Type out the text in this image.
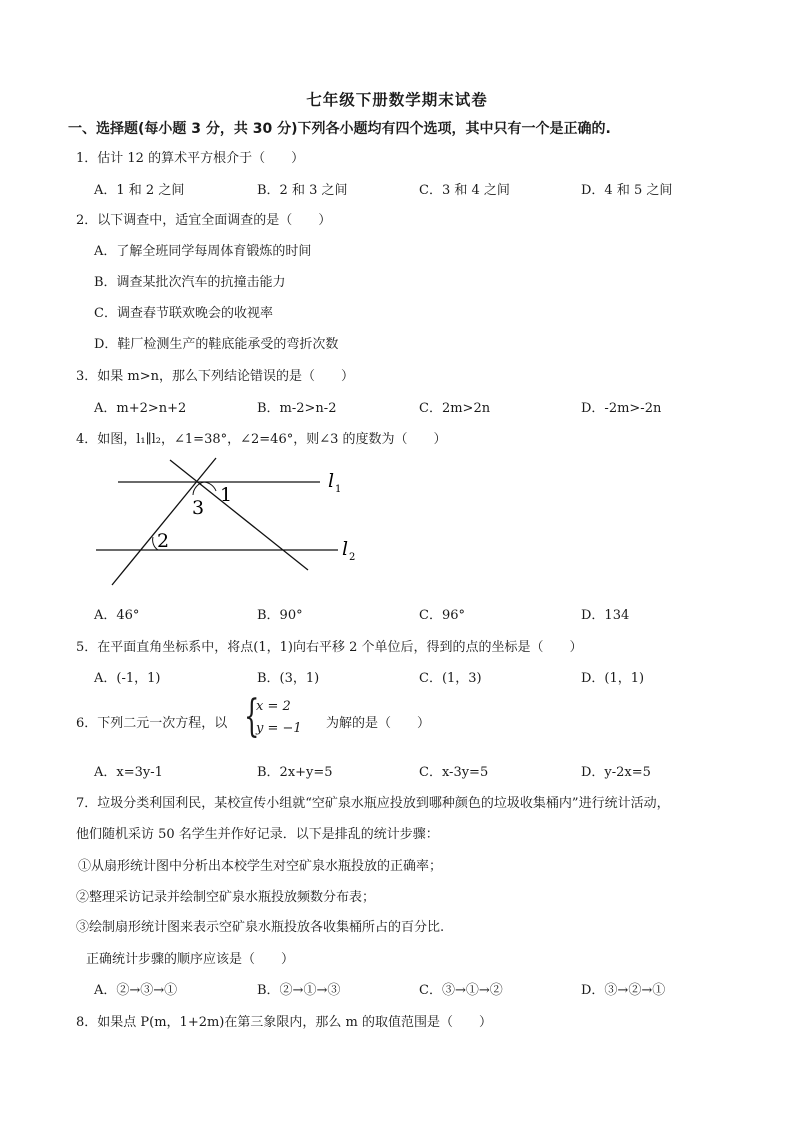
七年级下册数学期末试卷
一、选择题(每小题 3 分，共 30 分)下列各小题均有四个选项，其中只有一个是正确的.
1．估计 12 的算术平方根介于（　　）
A．1 和 2 之间	B．2 和 3 之间	C．3 和 4 之间	D．4 和 5 之间
2．以下调查中，适宜全面调查的是（　　）
A．了解全班同学每周体育锻炼的时间
B．调查某批次汽车的抗撞击能力
C．调查春节联欢晚会的收视率
D．鞋厂检测生产的鞋底能承受的弯折次数
3．如果 m>n，那么下列结论错误的是（　　）
A．m+2>n+2	B．m-2>n-2	C．2m>2n	D．-2m>-2n
4．如图，l₁∥l₂，∠1=38°，∠2=46°，则∠3 的度数为（　　）
1
3
2
l 1
l 2
A．46°	B．90°	C．96°	D．134
5．在平面直角坐标系中，将点(1，1)向右平移 2 个单位后，得到的点的坐标是（　　）
A．(-1，1)	B．(3，1)	C．(1，3)	D．(1，1)
6．下列二元一次方程，以 {
x = 2
y = −1 为解的是（　　）
A．x=3y-1	B．2x+y=5	C．x-3y=5	D．y-2x=5
7．垃圾分类利国利民，某校宣传小组就“空矿泉水瓶应投放到哪种颜色的垃圾收集桶内”进行统计活动，
他们随机采访 50 名学生并作好记录．以下是排乱的统计步骤：
①从扇形统计图中分析出本校学生对空矿泉水瓶投放的正确率；
②整理采访记录并绘制空矿泉水瓶投放频数分布表；
③绘制扇形统计图来表示空矿泉水瓶投放各收集桶所占的百分比.
正确统计步骤的顺序应该是（　　）
A．②→③→①	B．②→①→③	C．③→①→②	D．③→②→①
8．如果点 P(m，1+2m)在第三象限内，那么 m 的取值范围是（　　）
